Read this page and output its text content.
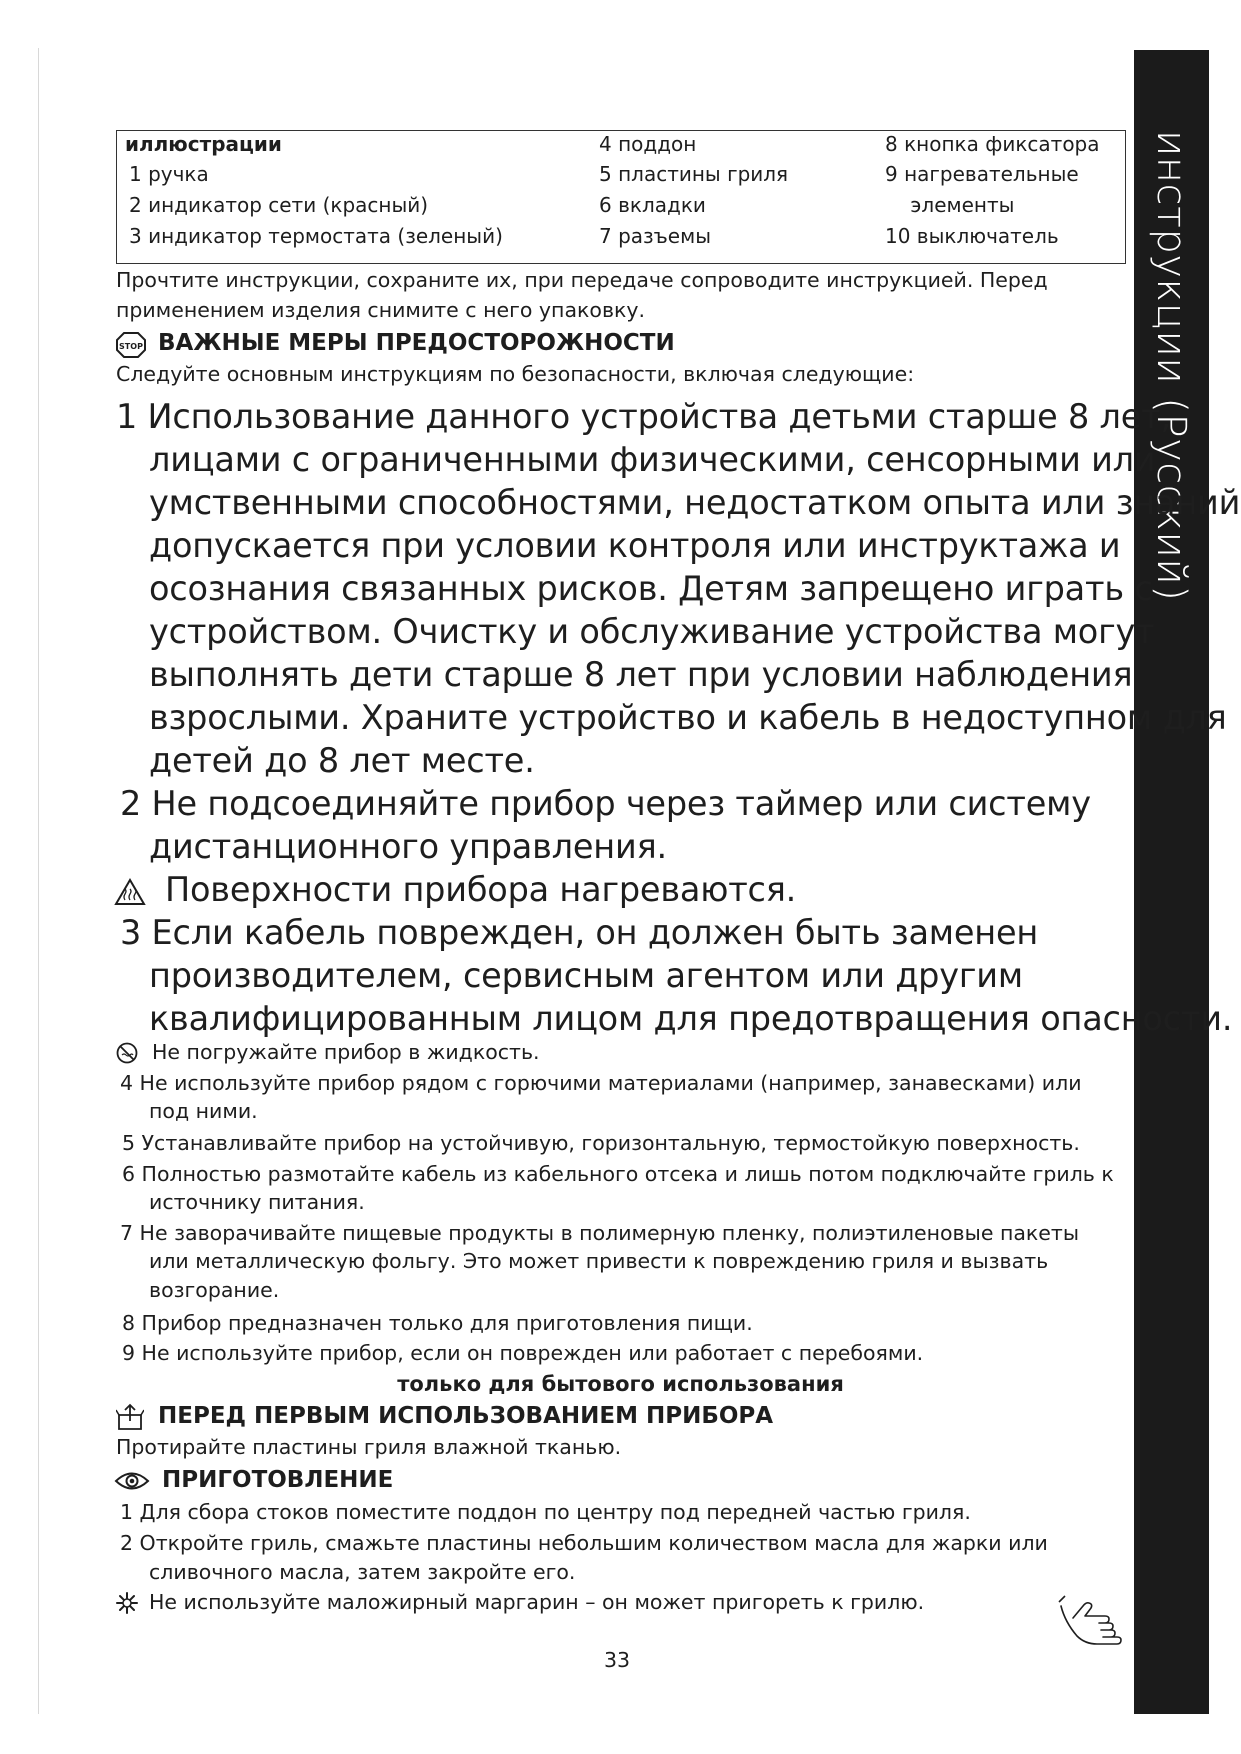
инструкции (Русский)
иллюстрации
1 ручка
2 индикатор сети (красный)
3 индикатор термостата (зеленый)
4 поддон
5 пластины гриля
6 вкладки
7 разъемы
8 кнопка фиксатора
9 нагревательные
элементы
10 выключатель
Прочтите инструкции, сохраните их, при передаче сопроводите инструкцией. Перед
применением изделия снимите с него упаковку.
STOP ВАЖНЫЕ МЕРЫ ПРЕДОСТОРОЖНОСТИ
Следуйте основным инструкциям по безопасности, включая следующие:
1 Использование данного устройства детьми старше 8 лет,
лицами с ограниченными физическими, сенсорными или
умственными способностями, недостатком опыта или знаний
допускается при условии контроля или инструктажа и
осознания связанных рисков. Детям запрещено играть с
устройством. Очистку и обслуживание устройства могут
выполнять дети старше 8 лет при условии наблюдения
взрослыми. Храните устройство и кабель в недоступном для
детей до 8 лет месте.
2 Не подсоединяйте прибор через таймер или систему
дистанционного управления.
Поверхности прибора нагреваются.
3 Если кабель поврежден, он должен быть заменен
производителем, сервисным агентом или другим
квалифицированным лицом для предотвращения опасности.
Не погружайте прибор в жидкость.
4 Не используйте прибор рядом с горючими материалами (например, занавесками) или
под ними.
5 Устанавливайте прибор на устойчивую, горизонтальную, термостойкую поверхность.
6 Полностью размотайте кабель из кабельного отсека и лишь потом подключайте гриль к
источнику питания.
7 Не заворачивайте пищевые продукты в полимерную пленку, полиэтиленовые пакеты
или металлическую фольгу. Это может привести к повреждению гриля и вызвать
возгорание.
8 Прибор предназначен только для приготовления пищи.
9 Не используйте прибор, если он поврежден или работает с перебоями.
только для бытового использования
ПЕРЕД ПЕРВЫМ ИСПОЛЬЗОВАНИЕМ ПРИБОРА
Протирайте пластины гриля влажной тканью.
ПРИГОТОВЛЕНИЕ
1 Для сбора стоков поместите поддон по центру под передней частью гриля.
2 Откройте гриль, смажьте пластины небольшим количеством масла для жарки или
сливочного масла, затем закройте его.
Не используйте маложирный маргарин – он может пригореть к грилю.
33
